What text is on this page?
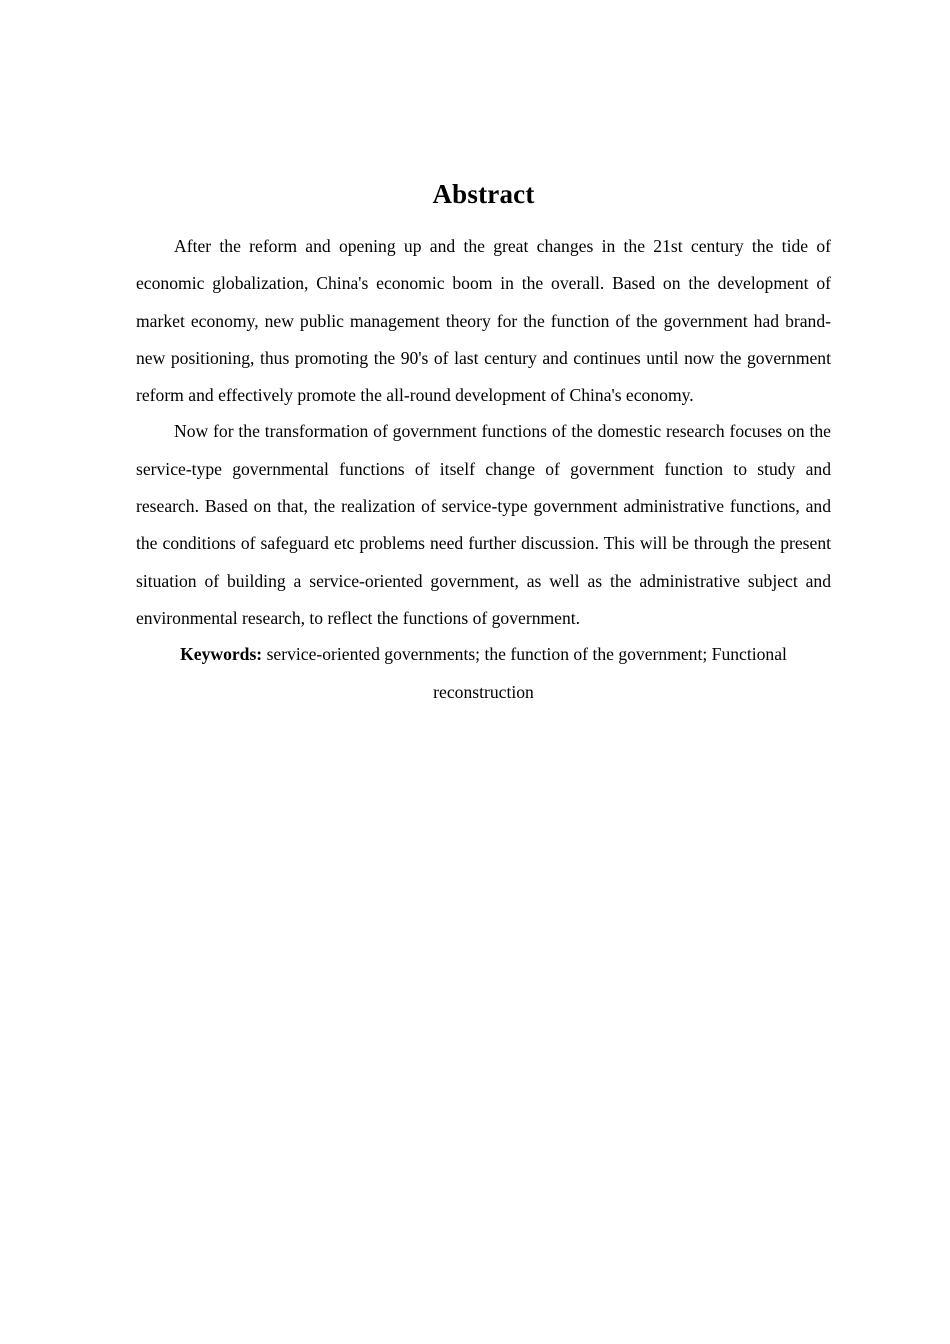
Abstract

After the reform and opening up and the great changes in the 21st century the tide of economic globalization, China's economic boom in the overall. Based on the development of market economy, new public management theory for the function of the government had brand-new positioning, thus promoting the 90's of last century and continues until now the government reform and effectively promote the all-round development of China's economy.

Now for the transformation of government functions of the domestic research focuses on the service-type governmental functions of itself change of government function to study and research. Based on that, the realization of service-type government administrative functions, and the conditions of safeguard etc problems need further discussion. This will be through the present situation of building a service-oriented government, as well as the administrative subject and environmental research, to reflect the functions of government.

Keywords: service-oriented governments; the function of the government; Functional reconstruction
